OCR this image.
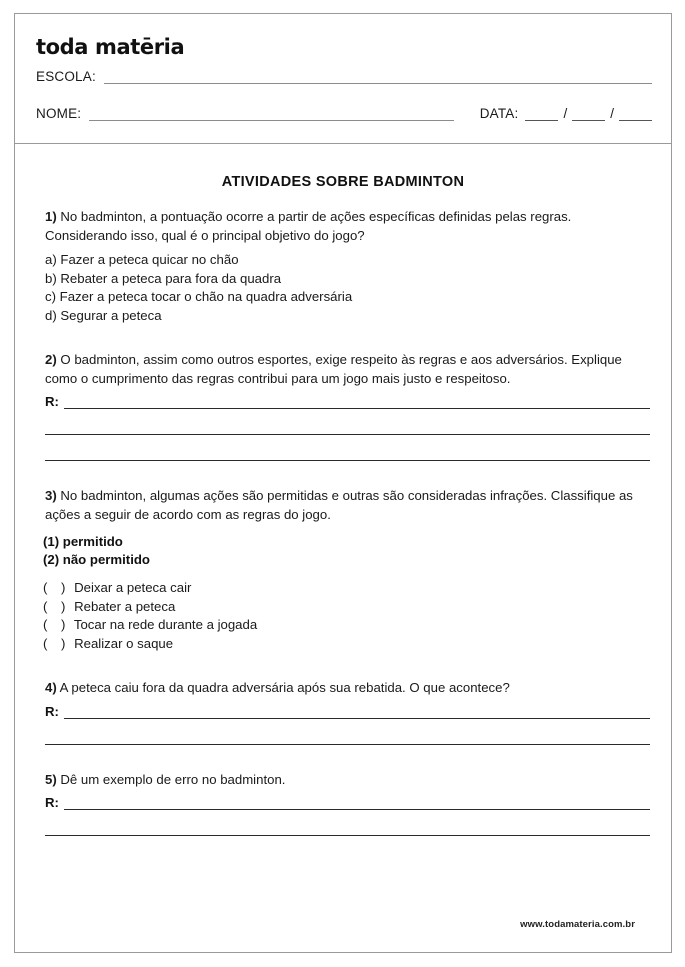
toda matēria
ESCOLA:
NOME:	DATA:	/	/
ATIVIDADES SOBRE BADMINTON

1) No badminton, a pontuação ocorre a partir de ações específicas definidas pelas regras. Considerando isso, qual é o principal objetivo do jogo?

a) Fazer a peteca quicar no chão
b) Rebater a peteca para fora da quadra
c) Fazer a peteca tocar o chão na quadra adversária
d) Segurar a peteca

2) O badminton, assim como outros esportes, exige respeito às regras e aos adversários. Explique como o cumprimento das regras contribui para um jogo mais justo e respeitoso.

R:

3) No badminton, algumas ações são permitidas e outras são consideradas infrações. Classifique as ações a seguir de acordo com as regras do jogo.

(1) permitido
(2) não permitido
( ) Deixar a peteca cair
( ) Rebater a peteca
( ) Tocar na rede durante a jogada
( ) Realizar o saque

4) A peteca caiu fora da quadra adversária após sua rebatida. O que acontece?

R:

5) Dê um exemplo de erro no badminton.

R:
www.todamateria.com.br
